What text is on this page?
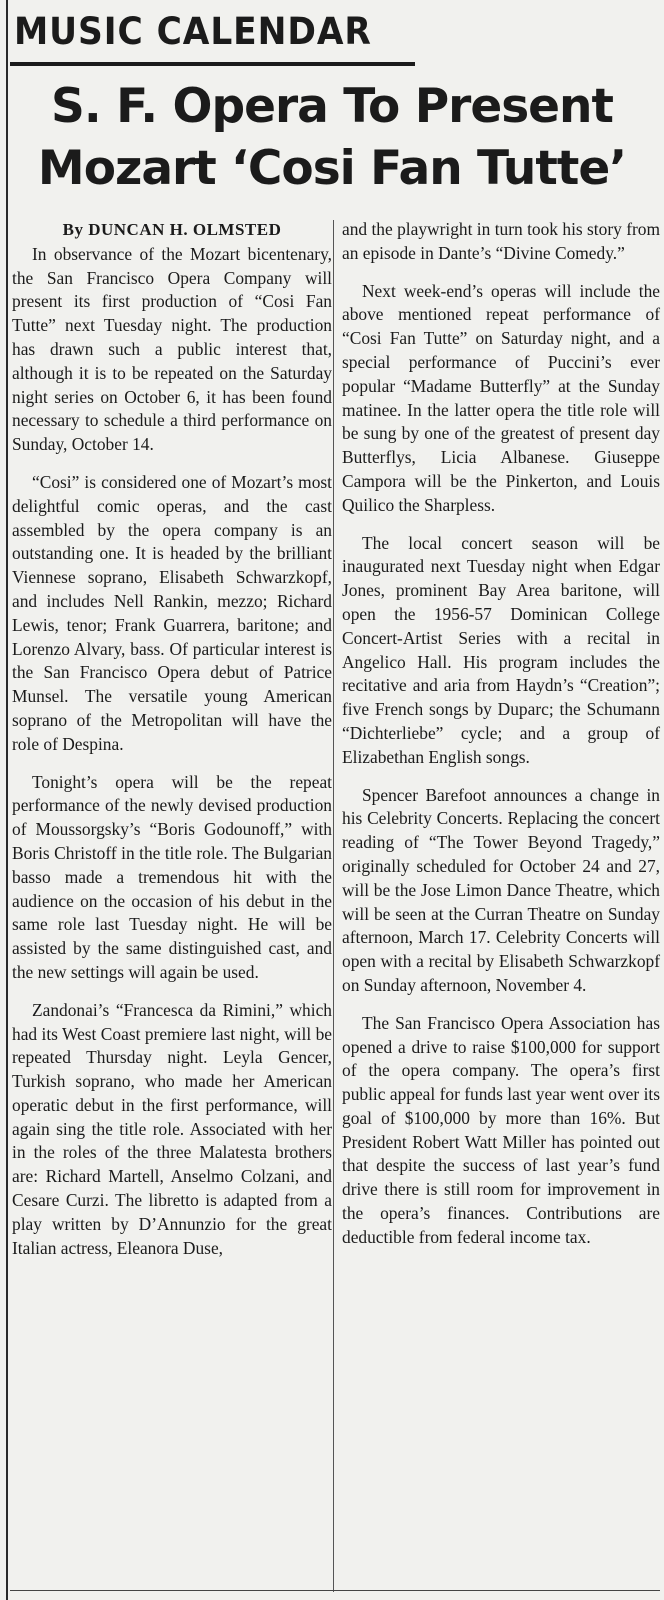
MUSIC CALENDAR
S. F. Opera To Present
Mozart ‘Cosi Fan Tutte’

By DUNCAN H. OLMSTED

In observance of the Mozart bicentenary, the San Francisco Opera Company will present its first production of “Cosi Fan Tutte” next Tuesday night. The production has drawn such a public interest that, although it is to be repeated on the Saturday night series on October 6, it has been found necessary to schedule a third performance on Sunday, October 14.

“Cosi” is considered one of Mozart’s most delightful comic operas, and the cast assembled by the opera company is an outstanding one. It is headed by the brilliant Viennese soprano, Elisabeth Schwarzkopf, and includes Nell Rankin, mezzo; Richard Lewis, tenor; Frank Guarrera, baritone; and Lorenzo Alvary, bass. Of particular interest is the San Francisco Opera debut of Patrice Munsel. The versatile young American soprano of the Metropolitan will have the role of Despina.

Tonight’s opera will be the repeat performance of the newly devised production of Moussorgsky’s “Boris Godounoff,” with Boris Christoff in the title role. The Bulgarian basso made a tremendous hit with the audience on the occasion of his debut in the same role last Tuesday night. He will be assisted by the same distinguished cast, and the new settings will again be used.

Zandonai’s “Francesca da Rimini,” which had its West Coast premiere last night, will be repeated Thursday night. Leyla Gencer, Turkish soprano, who made her American operatic debut in the first performance, will again sing the title role. Associated with her in the roles of the three Malatesta brothers are: Richard Martell, Anselmo Colzani, and Cesare Curzi. The libretto is adapted from a play written by D’Annunzio for the great Italian actress, Eleanora Duse,

and the playwright in turn took his story from an episode in Dante’s “Divine Comedy.”

Next week-end’s operas will include the above mentioned repeat performance of “Cosi Fan Tutte” on Saturday night, and a special performance of Puccini’s ever popular “Madame Butterfly” at the Sunday matinee. In the latter opera the title role will be sung by one of the greatest of present day Butterflys, Licia Albanese. Giuseppe Campora will be the Pinkerton, and Louis Quilico the Sharpless.

The local concert season will be inaugurated next Tuesday night when Edgar Jones, prominent Bay Area baritone, will open the 1956-57 Dominican College Concert-Artist Series with a recital in Angelico Hall. His program includes the recitative and aria from Haydn’s “Creation”; five French songs by Duparc; the Schumann “Dichterliebe” cycle; and a group of Elizabethan English songs.

Spencer Barefoot announces a change in his Celebrity Concerts. Replacing the concert reading of “The Tower Beyond Tragedy,” originally scheduled for October 24 and 27, will be the Jose Limon Dance Theatre, which will be seen at the Curran Theatre on Sunday afternoon, March 17. Celebrity Concerts will open with a recital by Elisabeth Schwarzkopf on Sunday afternoon, November 4.

The San Francisco Opera Association has opened a drive to raise $100,000 for support of the opera company. The opera’s first public appeal for funds last year went over its goal of $100,000 by more than 16%. But President Robert Watt Miller has pointed out that despite the success of last year’s fund drive there is still room for improvement in the opera’s finances. Contributions are deductible from federal income tax.
